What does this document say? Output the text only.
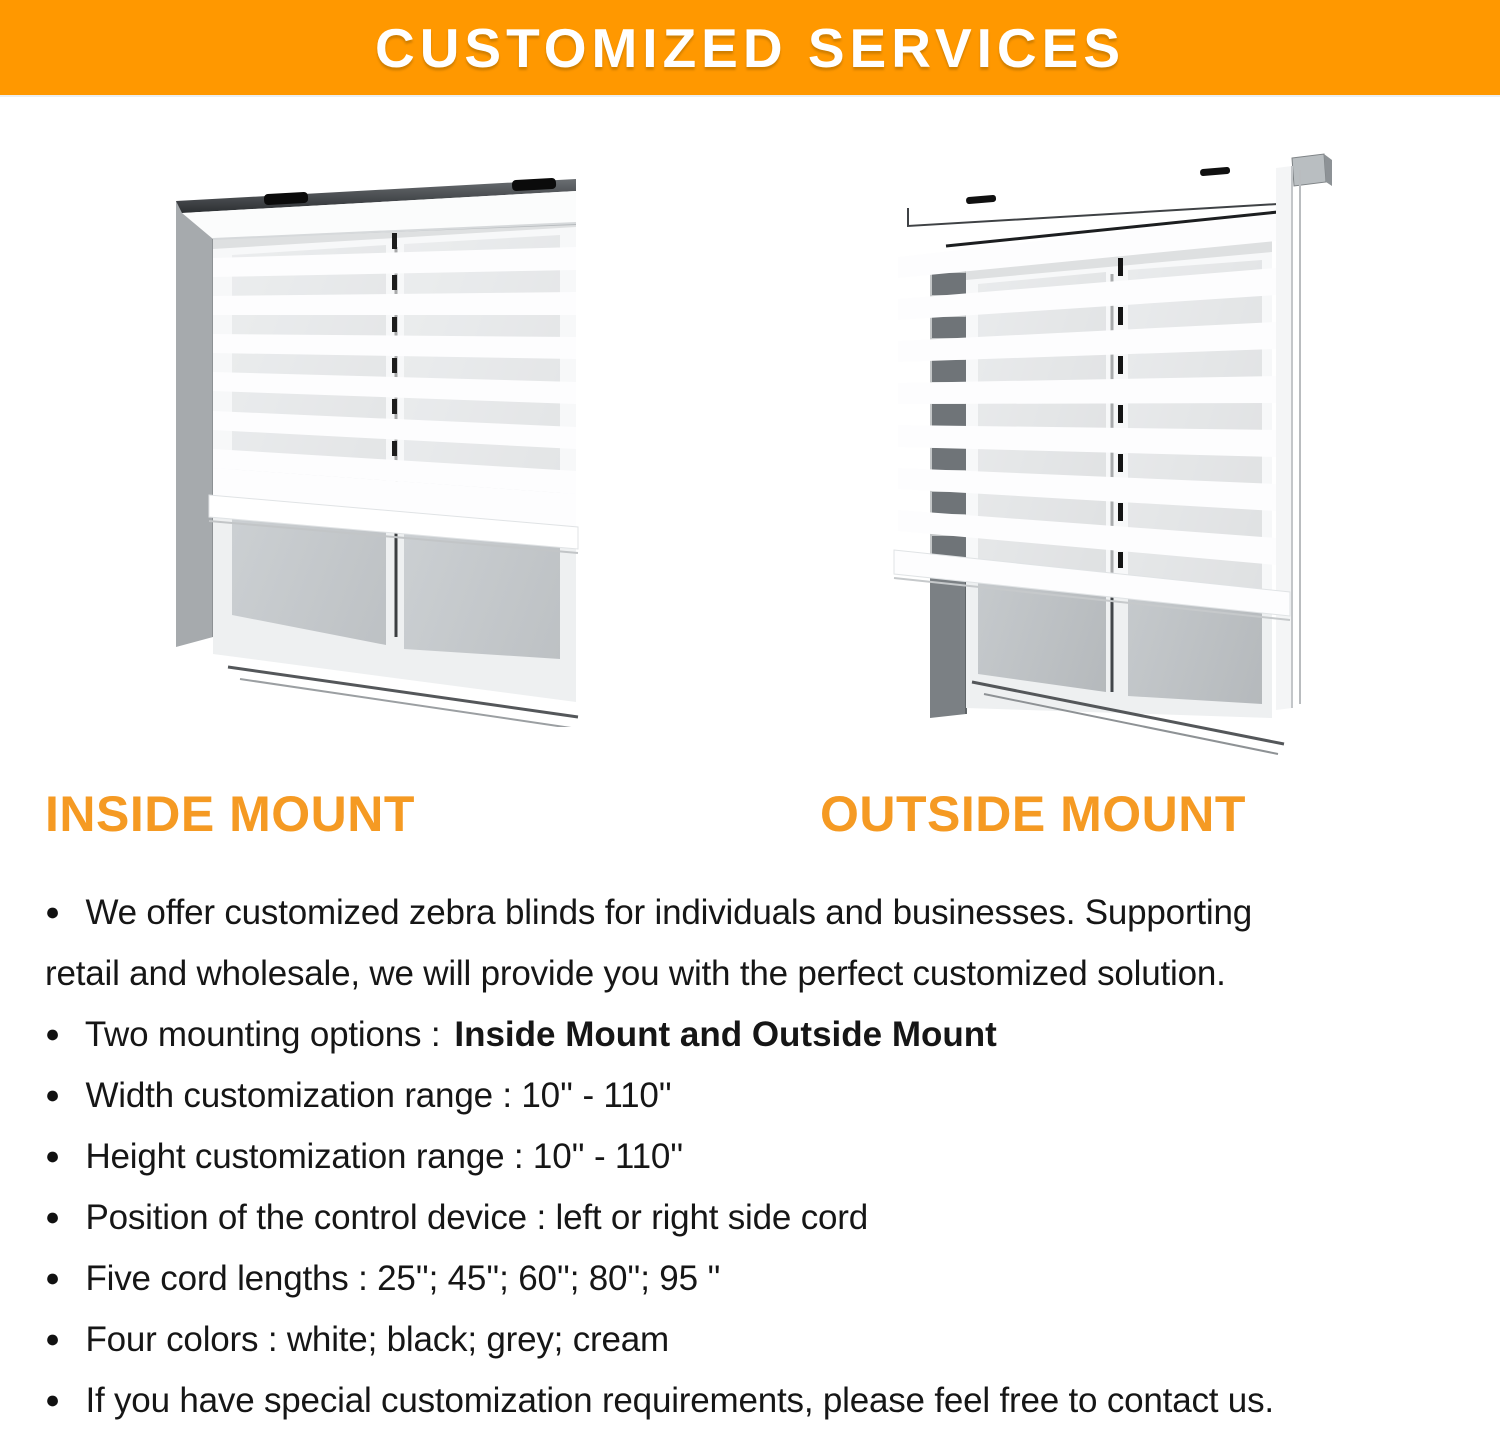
CUSTOMIZED SERVICES
INSIDE MOUNT	OUTSIDE MOUNT
● We offer customized zebra blinds for individuals and businesses. Supporting
retail and wholesale, we will provide you with the perfect customized solution.
● Two mounting options : Inside Mount and Outside Mount
● Width customization range : 10'' - 110''
● Height customization range : 10'' - 110''
● Position of the control device : left or right side cord
● Five cord lengths : 25''; 45''; 60''; 80''; 95 ''
● Four colors : white; black; grey; cream
● If you have special customization requirements, please feel free to contact us.
